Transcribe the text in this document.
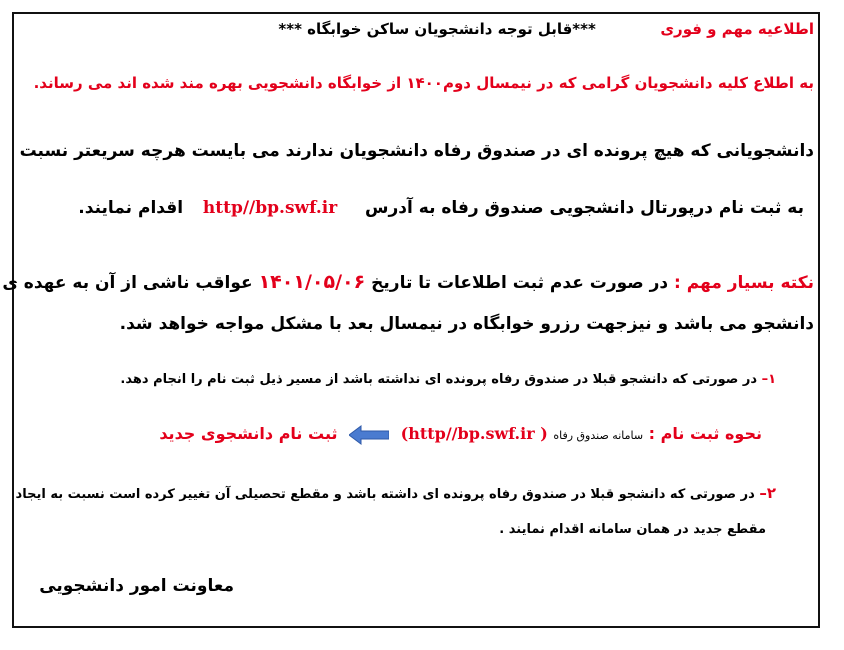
اطلاعیه مهم و فوری  ***قابل توجه دانشجویان ساکن خوابگاه ***
به اطلاع کلیه دانشجویان گرامی که در نیمسال دوم۱۴۰۰ از خوابگاه دانشجویی بهره مند شده اند می رساند.
دانشجویانی که هیچ پرونده ای در صندوق رفاه دانشجویان ندارند می بایست هرچه سریعتر نسبت
به ثبت نام درپورتال دانشجویی صندوق رفاه به آدرس  http//bp.swf.ir  اقدام نمایند.
نکته بسیار مهم : در صورت عدم ثبت اطلاعات تا تاریخ ۱۴۰۱/۰۵/۰۶ عواقب ناشی از آن به عهده ی
دانشجو می باشد و نیزجهت رزرو خوابگاه در نیمسال بعد با مشکل مواجه خواهد شد.
۱– در صورتی که دانشجو قبلا در صندوق رفاه پرونده ای نداشته باشد از مسیر ذیل ثبت نام را انجام دهد.
نحوه ثبت نام : سامانه صندوق رفاه ( http//bp.swf.ir)  ثبت نام دانشجوی جدید
۲– در صورتی که دانشجو قبلا در صندوق رفاه پرونده ای داشته باشد و مقطع تحصیلی آن تغییر کرده است نسبت به ایجاد
مقطع جدید در همان سامانه اقدام نمایند .
معاونت امور دانشجویی
